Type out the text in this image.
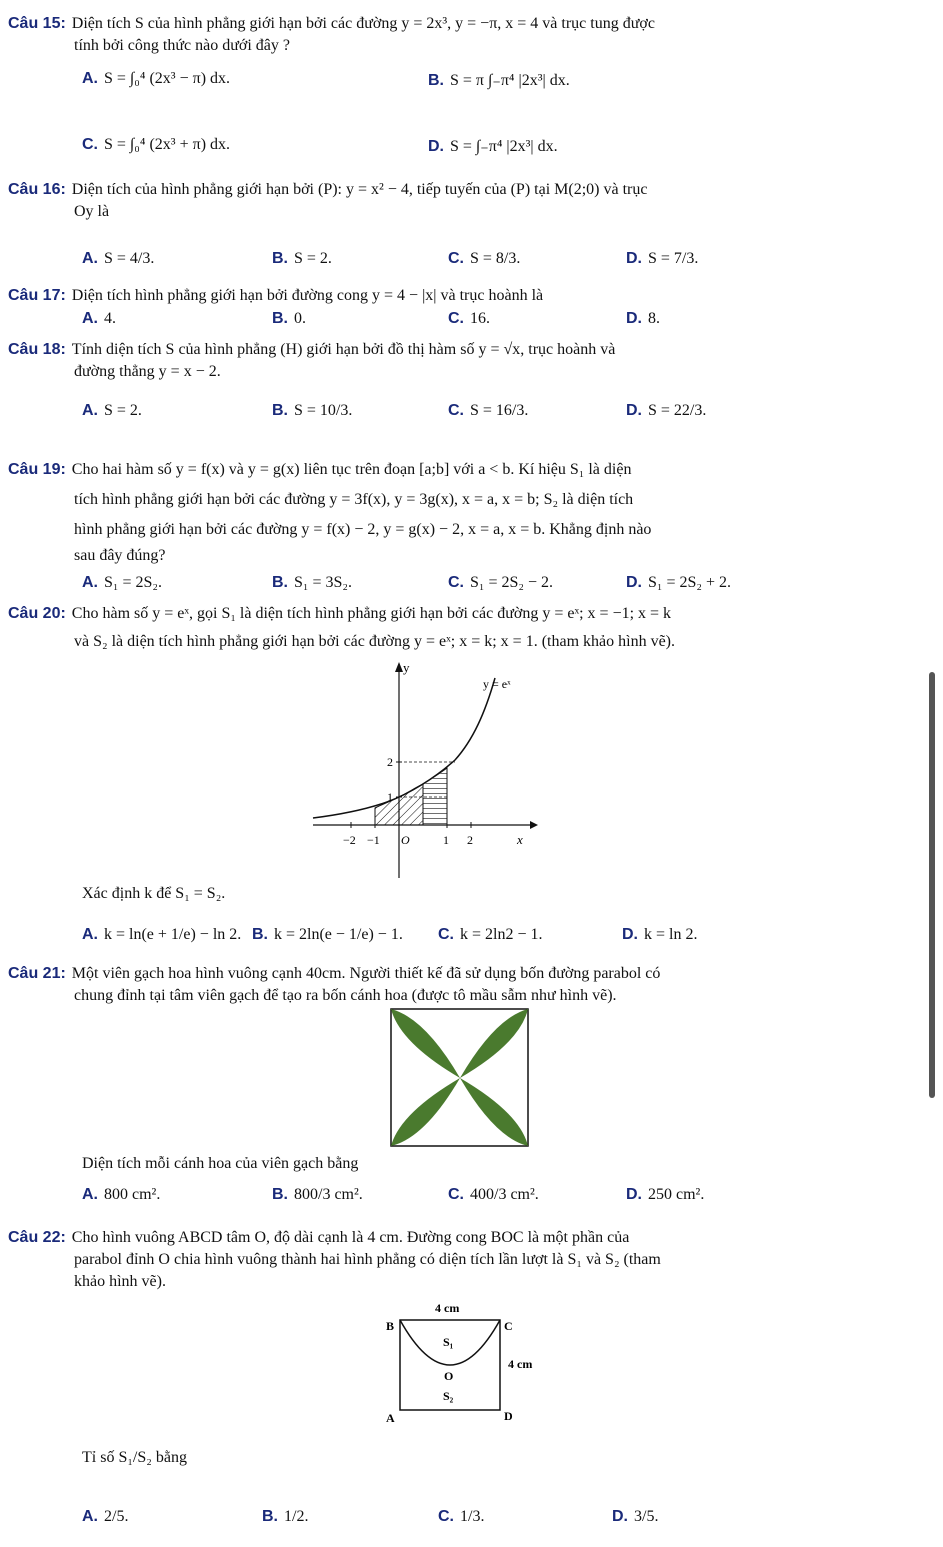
Câu 15: Diện tích S của hình phẳng giới hạn bởi các đường y = 2x³, y = −π, x = 4 và trục tung được
tính bởi công thức nào dưới đây ?
A. S = ∫₀⁴ (2x³ − π) dx.	B. S = π ∫₋π⁴ |2x³| dx.
C. S = ∫₀⁴ (2x³ + π) dx.	D. S = ∫₋π⁴ |2x³| dx.
Câu 16: Diện tích của hình phẳng giới hạn bởi (P): y = x² − 4, tiếp tuyến của (P) tại M(2;0) và trục
Oy là
A. S = 4/3.	B. S = 2.	C. S = 8/3.	D. S = 7/3.
Câu 17: Diện tích hình phẳng giới hạn bởi đường cong y = 4 − |x| và trục hoành là
A. 4.	B. 0.	C. 16.	D. 8.
Câu 18: Tính diện tích S của hình phẳng (H) giới hạn bởi đồ thị hàm số y = √x, trục hoành và
đường thẳng y = x − 2.
A. S = 2.	B. S = 10/3.	C. S = 16/3.	D. S = 22/3.
Câu 19: Cho hai hàm số y = f(x) và y = g(x) liên tục trên đoạn [a;b] với a < b. Kí hiệu S₁ là diện
tích hình phẳng giới hạn bởi các đường y = 3f(x), y = 3g(x), x = a, x = b; S₂ là diện tích
hình phẳng giới hạn bởi các đường y = f(x) − 2, y = g(x) − 2, x = a, x = b. Khẳng định nào
sau đây đúng?
A. S₁ = 2S₂.	B. S₁ = 3S₂.	C. S₁ = 2S₂ − 2.	D. S₁ = 2S₂ + 2.
Câu 20: Cho hàm số y = eˣ, gọi S₁ là diện tích hình phẳng giới hạn bởi các đường y = eˣ; x = −1; x = k
và S₂ là diện tích hình phẳng giới hạn bởi các đường y = eˣ; x = k; x = 1. (tham khảo hình vẽ).
y
x
y = eˣ
−2 −1 O	1 2
1
2
Xác định k để S₁ = S₂.
A. k = ln(e + 1/e) − ln 2. B. k = 2ln(e − 1/e) − 1. C. k = 2ln2 − 1.	D. k = ln 2.
Câu 21: Một viên gạch hoa hình vuông cạnh 40cm. Người thiết kế đã sử dụng bốn đường parabol có
chung đỉnh tại tâm viên gạch để tạo ra bốn cánh hoa (được tô mầu sẫm như hình vẽ).
Diện tích mỗi cánh hoa của viên gạch bằng
A. 800 cm².	B. 800/3 cm².	C. 400/3 cm².	D. 250 cm².
Câu 22: Cho hình vuông ABCD tâm O, độ dài cạnh là 4 cm. Đường cong BOC là một phần của
parabol đỉnh O chia hình vuông thành hai hình phẳng có diện tích lần lượt là S₁ và S₂ (tham
khảo hình vẽ).
4 cm
4 cm
B	C
A	D
O
S₁
S₂
Tỉ số S₁/S₂ bằng
A. 2/5.	B. 1/2.	C. 1/3.	D. 3/5.
